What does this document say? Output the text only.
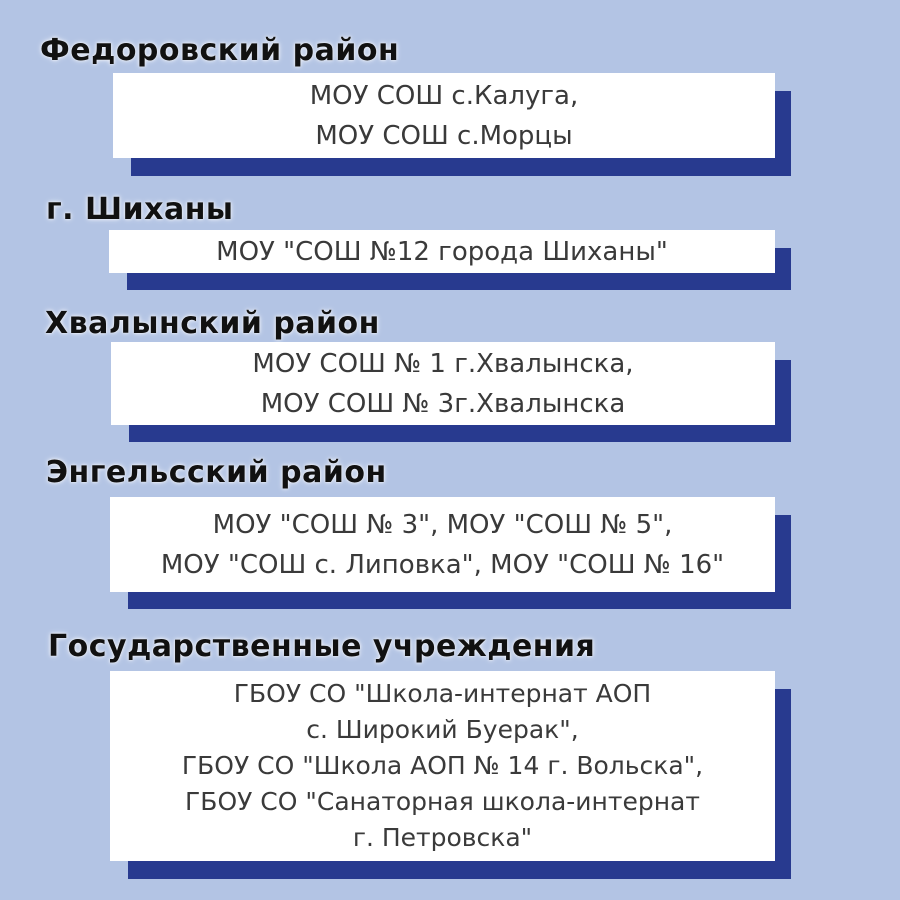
Федоровский район
МОУ СОШ с.Калуга,
МОУ СОШ с.Морцы
г. Шиханы
МОУ "СОШ №12 города Шиханы"
Хвалынский район
МОУ СОШ № 1 г.Хвалынска,
МОУ СОШ № 3г.Хвалынска
Энгельсский район
МОУ "СОШ № 3", МОУ "СОШ № 5",
МОУ "СОШ с. Липовка", МОУ "СОШ № 16"
Государственные учреждения
ГБОУ СО "Школа-интернат АОП
с. Широкий Буерак",
ГБОУ СО "Школа АОП № 14 г. Вольска",
ГБОУ СО "Санаторная школа-интернат
г. Петровска"
